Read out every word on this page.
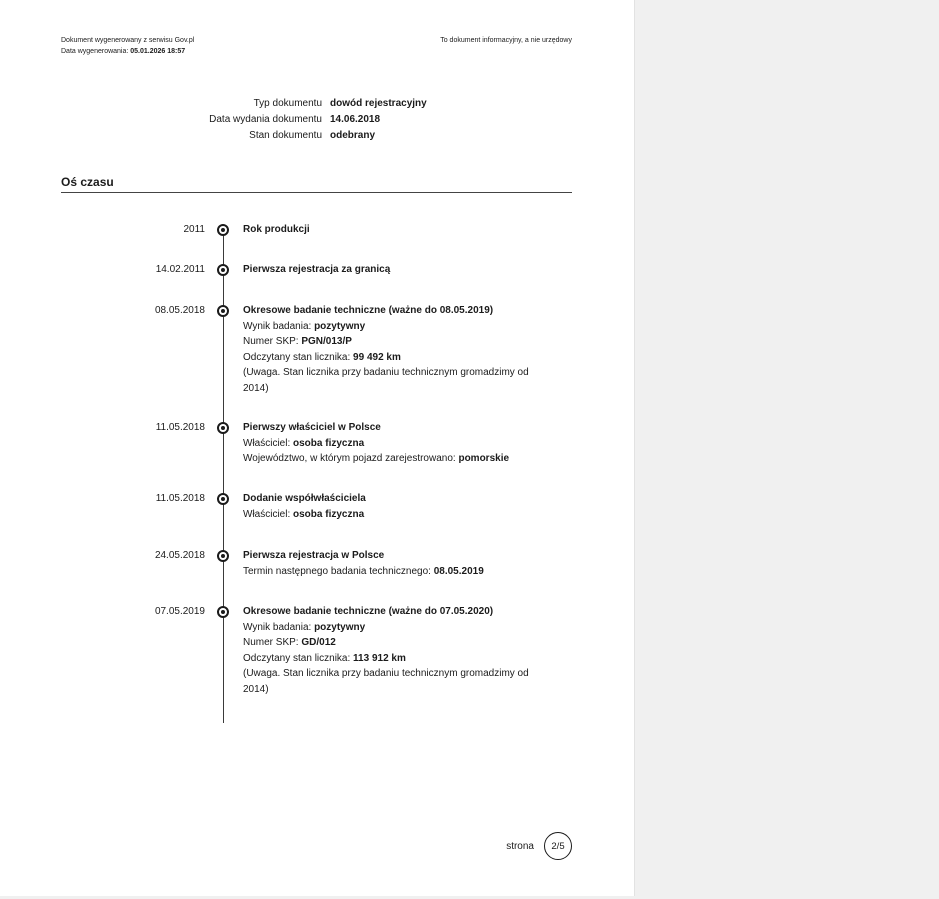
Dokument wygenerowany z serwisu Gov.pl
Data wygenerowania: 05.01.2026 18:57
To dokument informacyjny, a nie urzędowy
Typ dokumentu dowód rejestracyjny
Data wydania dokumentu 14.06.2018
Stan dokumentu odebrany
Oś czasu
2011	Rok produkcji
14.02.2011	Pierwsza rejestracja za granicą
08.05.2018	Okresowe badanie techniczne (ważne do 08.05.2019)
Wynik badania: pozytywny
Numer SKP: PGN/013/P
Odczytany stan licznika: 99 492 km
(Uwaga. Stan licznika przy badaniu technicznym gromadzimy od 2014)
11.05.2018	Pierwszy właściciel w Polsce
Właściciel: osoba fizyczna
Województwo, w którym pojazd zarejestrowano: pomorskie
11.05.2018	Dodanie współwłaściciela
Właściciel: osoba fizyczna
24.05.2018	Pierwsza rejestracja w Polsce
Termin następnego badania technicznego: 08.05.2019
07.05.2019	Okresowe badanie techniczne (ważne do 07.05.2020)
Wynik badania: pozytywny
Numer SKP: GD/012
Odczytany stan licznika: 113 912 km
(Uwaga. Stan licznika przy badaniu technicznym gromadzimy od 2014)
strona	2/5
